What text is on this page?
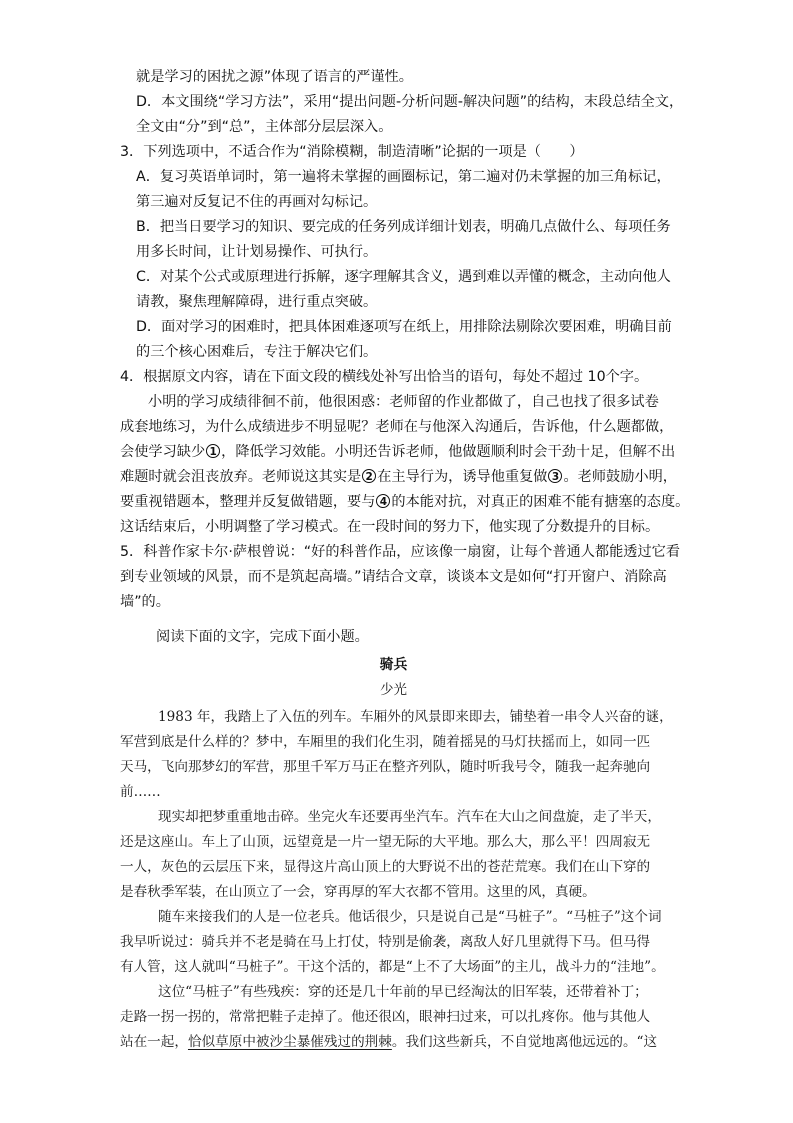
就是学习的困扰之源”体现了语言的严谨性。
D．本文围绕“学习方法”，采用“提出问题-分析问题-解决问题”的结构，末段总结全文，
全文由“分”到“总”，主体部分层层深入。
3．下列选项中，不适合作为“消除模糊，制造清晰”论据的一项是（　　）
A．复习英语单词时，第一遍将未掌握的画圈标记，第二遍对仍未掌握的加三角标记，
第三遍对反复记不住的再画对勾标记。
B．把当日要学习的知识、要完成的任务列成详细计划表，明确几点做什么、每项任务
用多长时间，让计划易操作、可执行。
C．对某个公式或原理进行拆解，逐字理解其含义，遇到难以弄懂的概念，主动向他人
请教，聚焦理解障碍，进行重点突破。
D．面对学习的困难时，把具体困难逐项写在纸上，用排除法剔除次要困难，明确目前
的三个核心困难后，专注于解决它们。
4．根据原文内容，请在下面文段的横线处补写出恰当的语句，每处不超过 10个字。
小明的学习成绩徘徊不前，他很困惑：老师留的作业都做了，自己也找了很多试卷
成套地练习，为什么成绩进步不明显呢？老师在与他深入沟通后，告诉他，什么题都做，
会使学习缺少 1 ，降低学习效能。小明还告诉老师，他做题顺利时会干劲十足，但解不出
难题时就会沮丧放弃。老师说这其实是 2 在主导行为，诱导他重复做 3 。老师鼓励小明，
要重视错题本，整理并反复做错题，要与 4 的本能对抗，对真正的困难不能有搪塞的态度。
这话结束后，小明调整了学习模式。在一段时间的努力下，他实现了分数提升的目标。
5．科普作家卡尔·萨根曾说：“好的科普作品，应该像一扇窗，让每个普通人都能透过它看
到专业领域的风景，而不是筑起高墙。”请结合文章，谈谈本文是如何“打开窗户、消除高
墙”的。
阅读下面的文字，完成下面小题。
骑兵
少光
1983 年，我踏上了入伍的列车。车厢外的风景即来即去，铺垫着一串令人兴奋的谜，
军营到底是什么样的？梦中，车厢里的我们化生羽，随着摇晃的马灯扶摇而上，如同一匹
天马，飞向那梦幻的军营，那里千军万马正在整齐列队，随时听我号令，随我一起奔驰向
前……
现实却把梦重重地击碎。坐完火车还要再坐汽车。汽车在大山之间盘旋，走了半天，
还是这座山。车上了山顶，远望竟是一片一望无际的大平地。那么大，那么平！四周寂无
一人，灰色的云层压下来，显得这片高山顶上的大野说不出的苍茫荒寒。我们在山下穿的
是春秋季军装，在山顶立了一会，穿再厚的军大衣都不管用。这里的风，真硬。
随车来接我们的人是一位老兵。他话很少，只是说自己是“马桩子”。“马桩子”这个词
我早听说过：骑兵并不老是骑在马上打仗，特别是偷袭，离敌人好几里就得下马。但马得
有人管，这人就叫“马桩子”。干这个活的，都是“上不了大场面”的主儿，战斗力的“洼地”。
这位“马桩子”有些残疾：穿的还是几十年前的早已经淘汰的旧军装，还带着补丁；
走路一拐一拐的，常常把鞋子走掉了。他还很凶，眼神扫过来，可以扎疼你。他与其他人
站在一起，恰似草原中被沙尘暴催残过的荆棘。我们这些新兵，不自觉地离他远远的。“这
